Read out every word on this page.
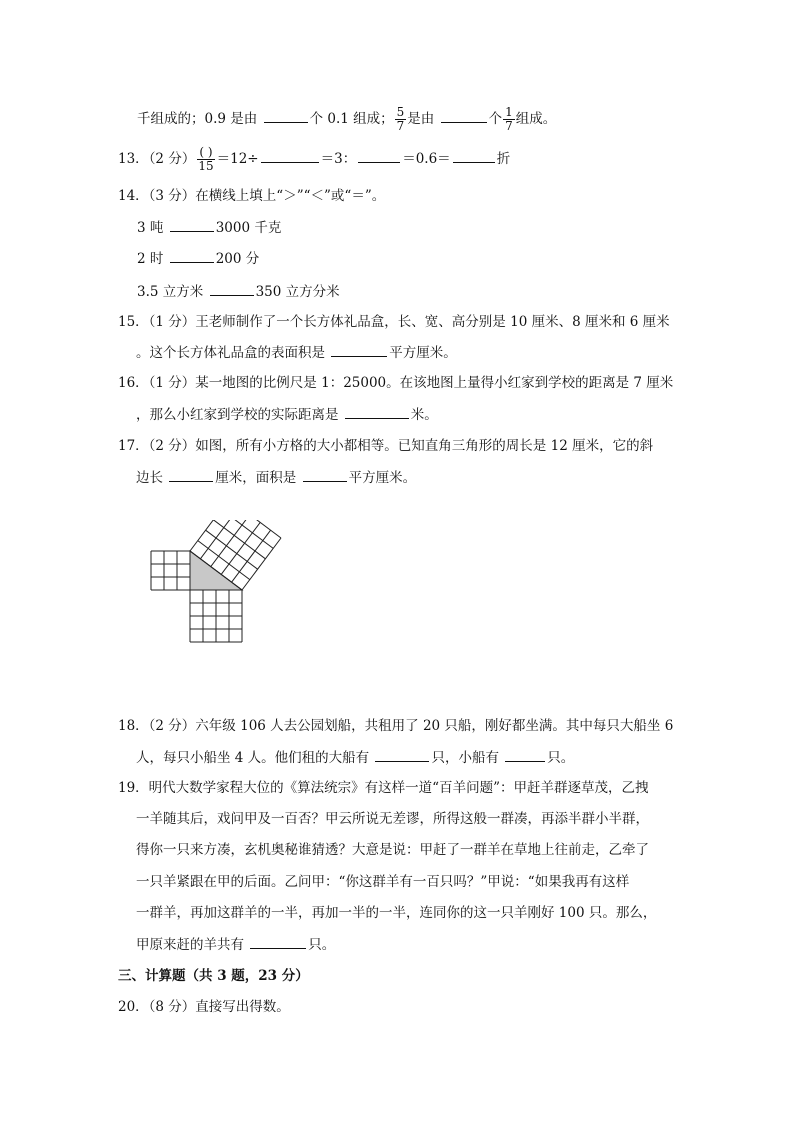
千组成的；0.9 是由	个 0.1 组成； $\frac{5}{7}$ 是由	个 $\frac{1}{7}$ 组成。
13．（2 分） $\frac{( )}{15} =12\div$	＝3：	＝0.6＝	折
14．（3 分）在横线上填上“＞”“＜”或“＝”。
3 吨	3000 千克
2 时	200 分
3.5 立方米	350 立方分米
15．（1 分）王老师制作了一个长方体礼品盒，长、宽、高分别是 10 厘米、8 厘米和 6 厘米
。这个长方体礼品盒的表面积是	平方厘米。
16．（1 分）某一地图的比例尺是 1：25000。在该地图上量得小红家到学校的距离是 7 厘米
，那么小红家到学校的实际距离是	米。
17．（2 分）如图，所有小方格的大小都相等。已知直角三角形的周长是 12 厘米，它的斜
边长	厘米，面积是	平方厘米。
18．（2 分）六年级 106 人去公园划船，共租用了 20 只船，刚好都坐满。其中每只大船坐 6
人，每只小船坐 4 人。他们租的大船有	只，小船有	只。
19．明代大数学家程大位的《算法统宗》有这样一道“百羊问题”：甲赶羊群逐草茂，乙拽
一羊随其后，戏问甲及一百否？甲云所说无差谬，所得这般一群凑，再添半群小半群，
得你一只来方凑，玄机奥秘谁猜透？大意是说：甲赶了一群羊在草地上往前走，乙牵了
一只羊紧跟在甲的后面。乙问甲：“你这群羊有一百只吗？”甲说：“如果我再有这样
一群羊，再加这群羊的一半，再加一半的一半，连同你的这一只羊刚好 100 只。那么，
甲原来赶的羊共有	只。
三、计算题（共 3 题，23 分）
20．（8 分）直接写出得数。
